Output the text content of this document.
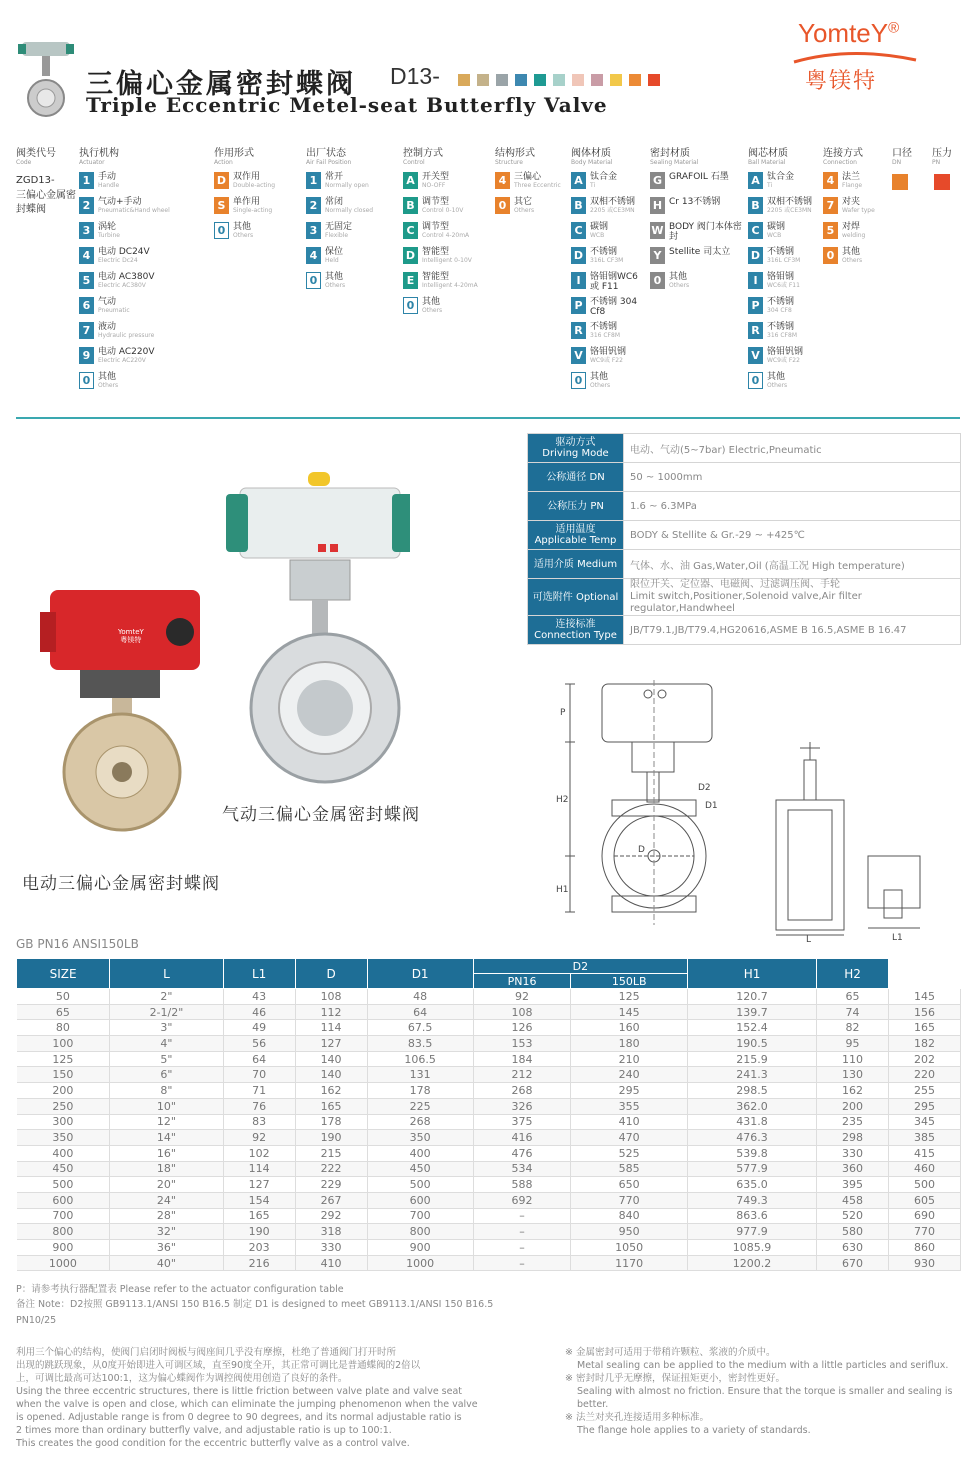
三偏心金属密封蝶阀
Triple Eccentric Metel-seat Butterfly Valve
D13-
YomteY®
粤镁特
阀类代号
Code
ZGD13-
三偏心金属密封蝶阀
执行机构
Actuator
1 手动
Handle
2 气动+手动
Pneumatic&Hand wheel
3 涡轮
Turbine
4 电动 DC24V
Electric Dc24
5 电动 AC380V
Electric AC380V
6 气动
Pneumatic
7 液动
Hydraulic pressure
9 电动 AC220V
Electric AC220V
0 其他
Others
作用形式
Action
D 双作用
Double-acting
S 单作用
Single-acting
0 其他
Others
出厂状态
Air Fail Position
1 常开
Normally open
2 常闭
Normally closed
3 无固定
Flexible
4 保位
Held
0 其他
Others
控制方式
Control
A 开关型
NO-OFF
B 调节型
Control 0-10V
C 调节型
Control 4-20mA
D 智能型
Intelligent 0-10V
E 智能型
Intelligent 4-20mA
0 其他
Others
结构形式
Structure
4 三偏心
Three Eccentric
0 其它
Others
阀体材质
Body Material
A 钛合金
Ti
B 双相不锈钢
2205 或CE3MN
C 碳钢
WCB
D 不锈钢
316L CF3M
I	铬钼钢WC6 或 F11
P 不锈钢 304 Cf8
R 不锈钢
316 CF8M
V 铬钼钒钢
WC9或 F22
0 其他
Others
密封材质
Sealing Material
G GRAFOIL 石墨
H Cr 13不锈钢
W BODY 阀门本体密封
Y Stellite 司太立
0 其他
Others
阀芯材质
Ball Material
A 钛合金
Ti
B 双相不锈钢
2205 或CE3MN
C 碳钢
WCB
D 不锈钢
316L CF3M
I	铬钼钢
WC6或 F11
P 不锈钢
304 CF8
R 不锈钢
316 CF8M
V 铬钼钒钢
WC9或 F22
0 其他
Others
连接方式
Connection
4 法兰
Flange
7 对夹
Wafer type
5 对焊
welding
0 其他
Others
口径
DN
压力
PN
气动三偏心金属密封蝶阀
YomteY
粤镁特
电动三偏心金属密封蝶阀
驱动方式
Driving Mode	电动、气动(5~7bar) Electric,Pneumatic

公称通径 DN	50 ~ 1000mm

公称压力 PN	1.6 ~ 6.3MPa

适用温度
Applicable Temp	BODY & Stellite & Gr.-29 ~ +425℃

适用介质 Medium	气体、水、油 Gas,Water,Oil (高温工况 High temperature)

可选附件 Optional	限位开关、定位器、电磁阀、过滤调压阀、手轮
Limit switch,Positioner,Solenoid valve,Air filter regulator,Handwheel

连接标准
Connection Type	JB/T79.1,JB/T79.4,HG20616,ASME B 16.5,ASME B 16.47
P
H2
H1
D
D1
D2
L	L1
GB PN16 ANSI150LB
SIZE	L	L1	D	D1	D2		H1	H2	
					PN16	150LB			
50	2"	43	108	48	92	125	120.7	65	145
65	2-1/2"	46	112	64	108	145	139.7	74	156
80	3"	49	114	67.5	126	160	152.4	82	165
100	4"	56	127	83.5	153	180	190.5	95	182
125	5"	64	140	106.5	184	210	215.9	110	202
150	6"	70	140	131	212	240	241.3	130	220
200	8"	71	162	178	268	295	298.5	162	255
250	10"	76	165	225	326	355	362.0	200	295
300	12"	83	178	268	375	410	431.8	235	345
350	14"	92	190	350	416	470	476.3	298	385
400	16"	102	215	400	476	525	539.8	330	415
450	18"	114	222	450	534	585	577.9	360	460
500	20"	127	229	500	588	650	635.0	395	500
600	24"	154	267	600	692	770	749.3	458	605
700	28"	165	292	700	–	840	863.6	520	690
800	32"	190	318	800	–	950	977.9	580	770
900	36"	203	330	900	–	1050	1085.9	630	860
1000	40"	216	410	1000	–	1170	1200.2	670	930
P：请参考执行器配置表 Please refer to the actuator configuration table
备注 Note：D2按照 GB9113.1/ANSI 150 B16.5 制定 D1 is designed to meet GB9113.1/ANSI 150 B16.5
PN10/25
利用三个偏心的结构，使阀门启闭时阀板与阀座间几乎没有摩擦，杜绝了普通阀门打开时所
出现的跳跃现象，从0度开始即进入可调区域，直至90度全开，其正常可调比是普通蝶阀的2倍以
上，可调比最高可达100:1，这为偏心蝶阀作为调控阀使用创造了良好的条件。
Using the three eccentric structures, there is little friction between valve plate and valve seat
when the valve is open and close, which can eliminate the jumping phenomenon when the valve
is opened. Adjustable range is from 0 degree to 90 degrees, and its normal adjustable ratio is
2 times more than ordinary butterfly valve, and adjustable ratio is up to 100:1.
This creates the good condition for the eccentric butterfly valve as a control valve.
※ 金属密封可适用于带稍许颗粒、浆液的介质中。
Metal sealing can be applied to the medium with a little particles and seriflux.
※ 密封时几乎无摩擦，保证扭矩更小，密封性更好。
Sealing with almost no friction. Ensure that the torque is smaller and sealing is better.
※ 法兰对夹孔连接适用多种标准。
The flange hole applies to a variety of standards.
